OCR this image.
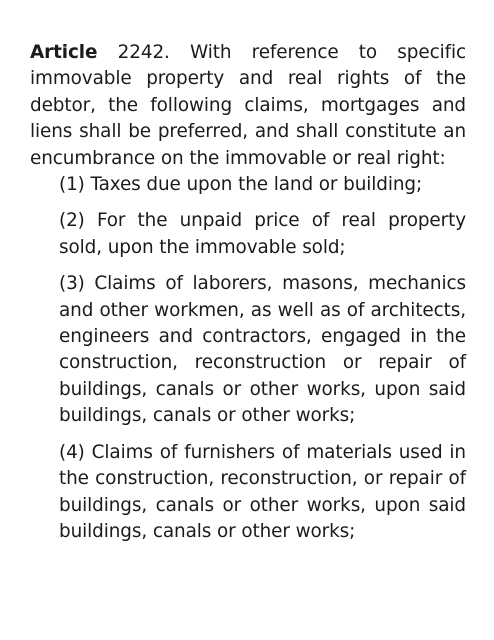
Article 2242. With reference to specific immovable property and real rights of the debtor, the following claims, mortgages and liens shall be preferred, and shall constitute an encumbrance on the immovable or real right:

(1) Taxes due upon the land or building;

(2) For the unpaid price of real property sold, upon the immovable sold;

(3) Claims of laborers, masons, mechanics and other workmen, as well as of architects, engineers and contractors, engaged in the construction, reconstruction or repair of buildings, canals or other works, upon said buildings, canals or other works;

(4) Claims of furnishers of materials used in the construction, reconstruction, or repair of buildings, canals or other works, upon said buildings, canals or other works;
